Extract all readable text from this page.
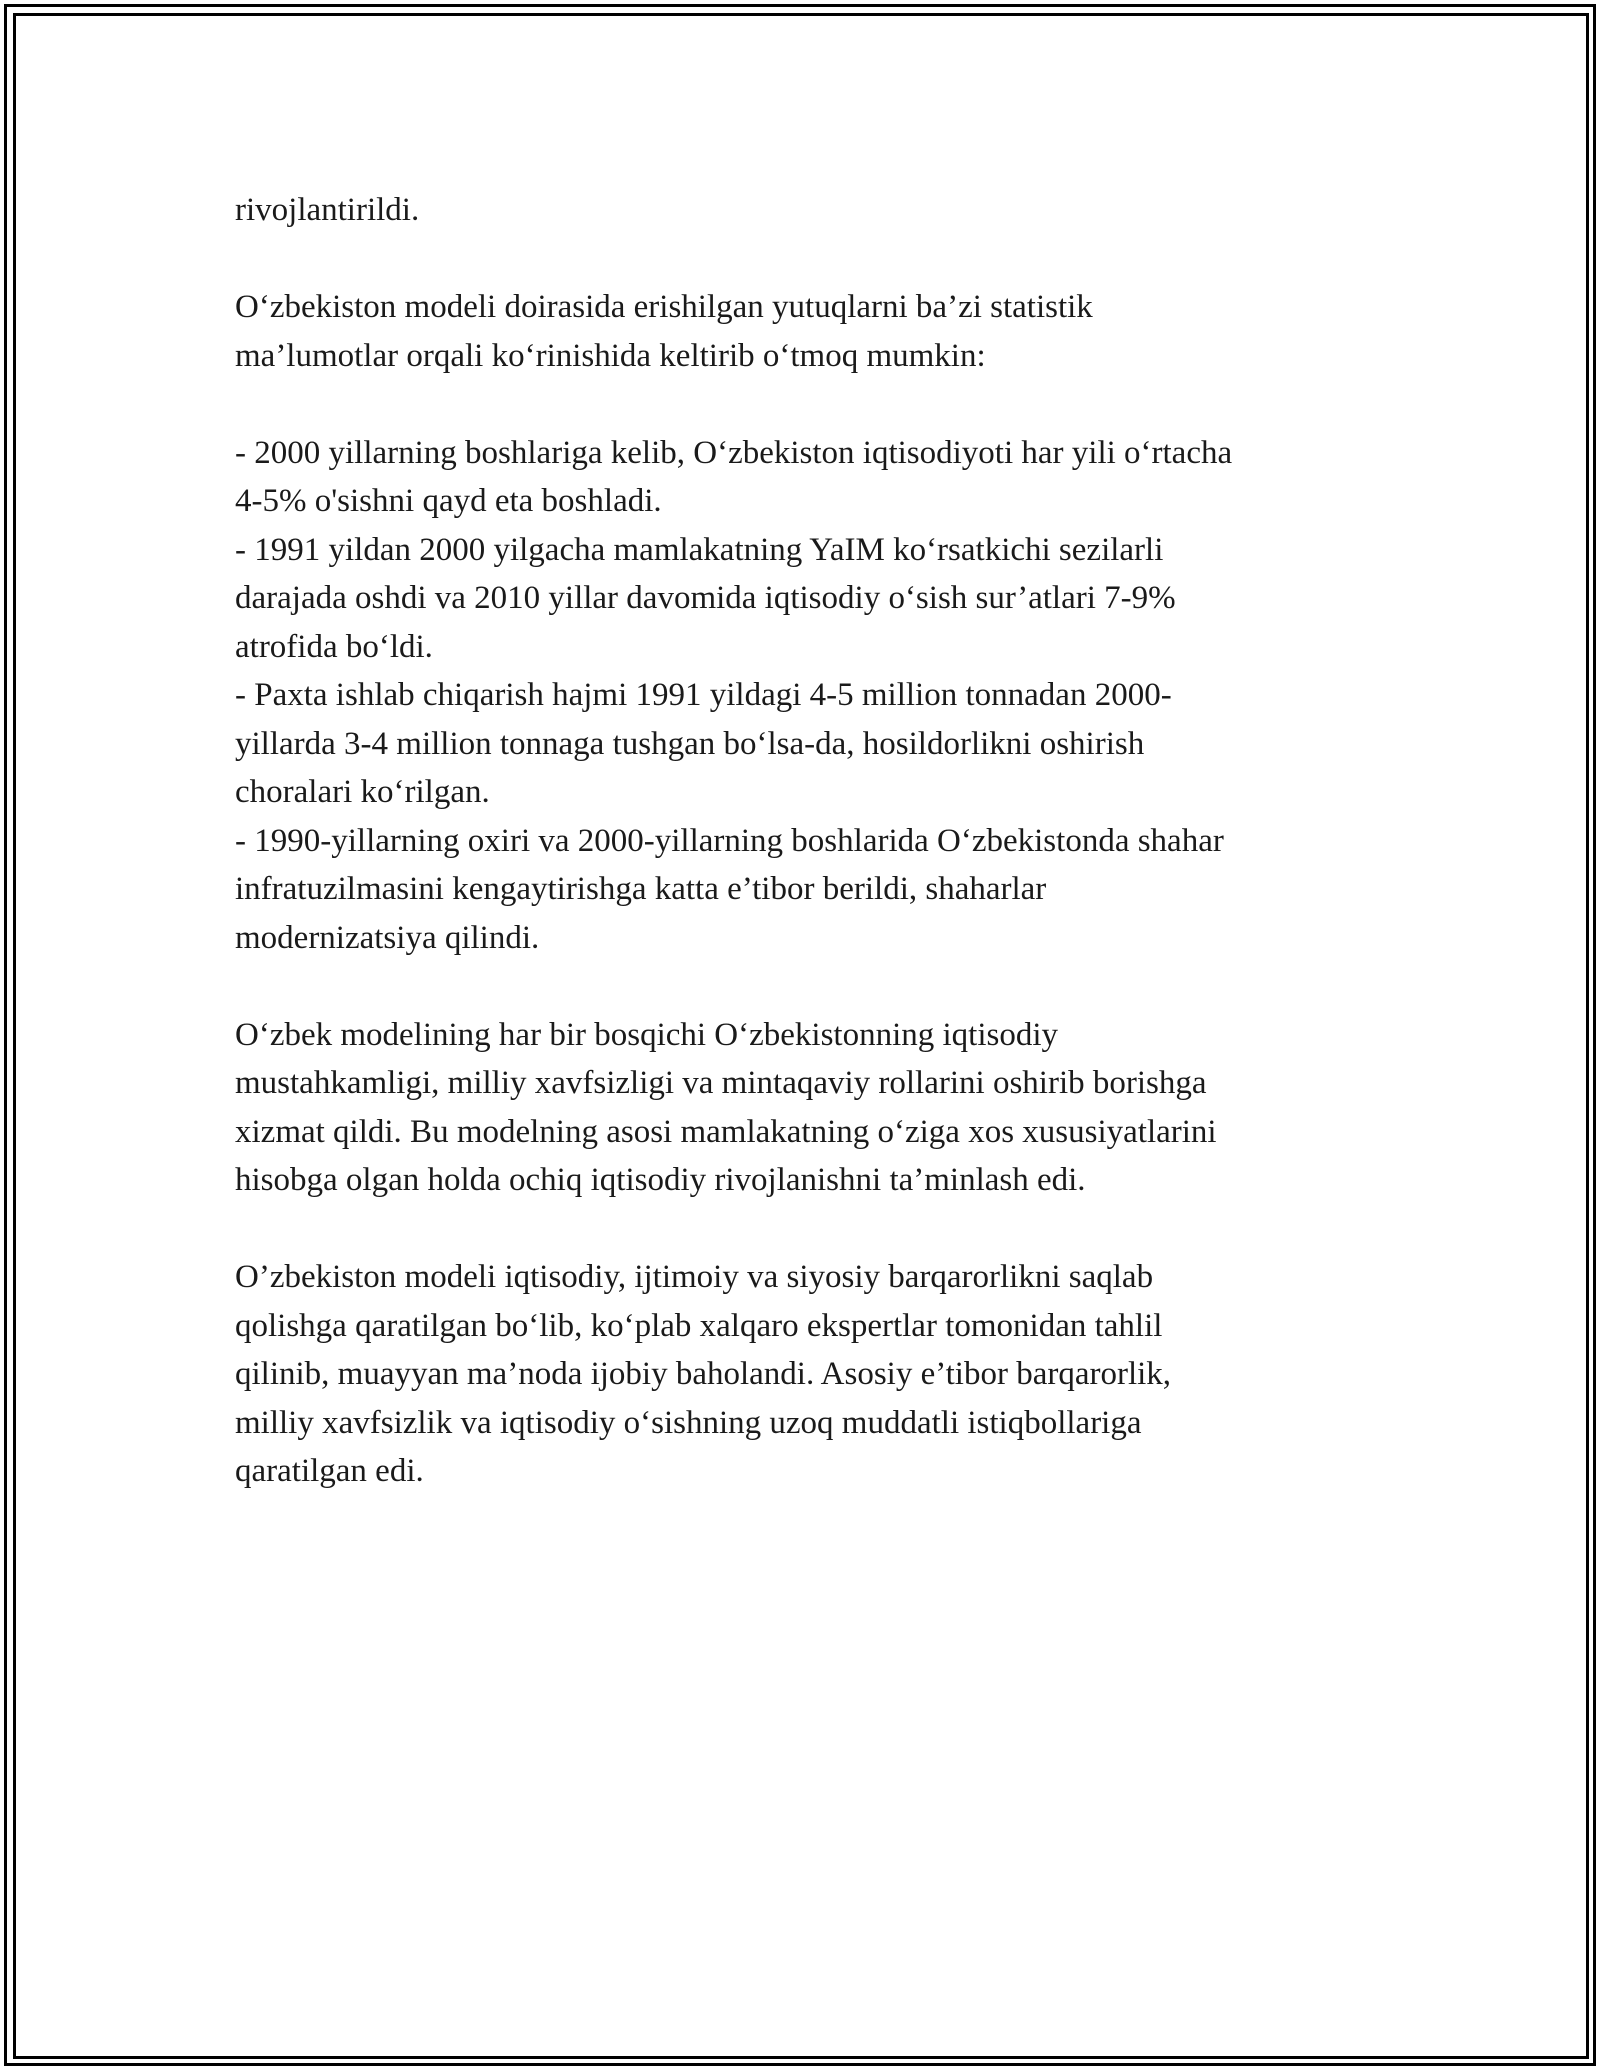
rivojlantirildi.
O‘zbekiston modeli doirasida erishilgan yutuqlarni ba’zi statistik
ma’lumotlar orqali ko‘rinishida keltirib o‘tmoq mumkin:
- 2000 yillarning boshlariga kelib, O‘zbekiston iqtisodiyoti har yili o‘rtacha
4-5% o'sishni qayd eta boshladi.
- 1991 yildan 2000 yilgacha mamlakatning YaIM ko‘rsatkichi sezilarli
darajada oshdi va 2010 yillar davomida iqtisodiy o‘sish sur’atlari 7-9%
atrofida bo‘ldi.
- Paxta ishlab chiqarish hajmi 1991 yildagi 4-5 million tonnadan 2000-
yillarda 3-4 million tonnaga tushgan bo‘lsa-da, hosildorlikni oshirish
choralari ko‘rilgan.
- 1990-yillarning oxiri va 2000-yillarning boshlarida O‘zbekistonda shahar
infratuzilmasini kengaytirishga katta e’tibor berildi, shaharlar
modernizatsiya qilindi.
O‘zbek modelining har bir bosqichi O‘zbekistonning iqtisodiy
mustahkamligi, milliy xavfsizligi va mintaqaviy rollarini oshirib borishga
xizmat qildi. Bu modelning asosi mamlakatning o‘ziga xos xususiyatlarini
hisobga olgan holda ochiq iqtisodiy rivojlanishni ta’minlash edi.
O’zbekiston modeli iqtisodiy, ijtimoiy va siyosiy barqarorlikni saqlab
qolishga qaratilgan bo‘lib, ko‘plab xalqaro ekspertlar tomonidan tahlil
qilinib, muayyan ma’noda ijobiy baholandi. Asosiy e’tibor barqarorlik,
milliy xavfsizlik va iqtisodiy o‘sishning uzoq muddatli istiqbollariga
qaratilgan edi.
